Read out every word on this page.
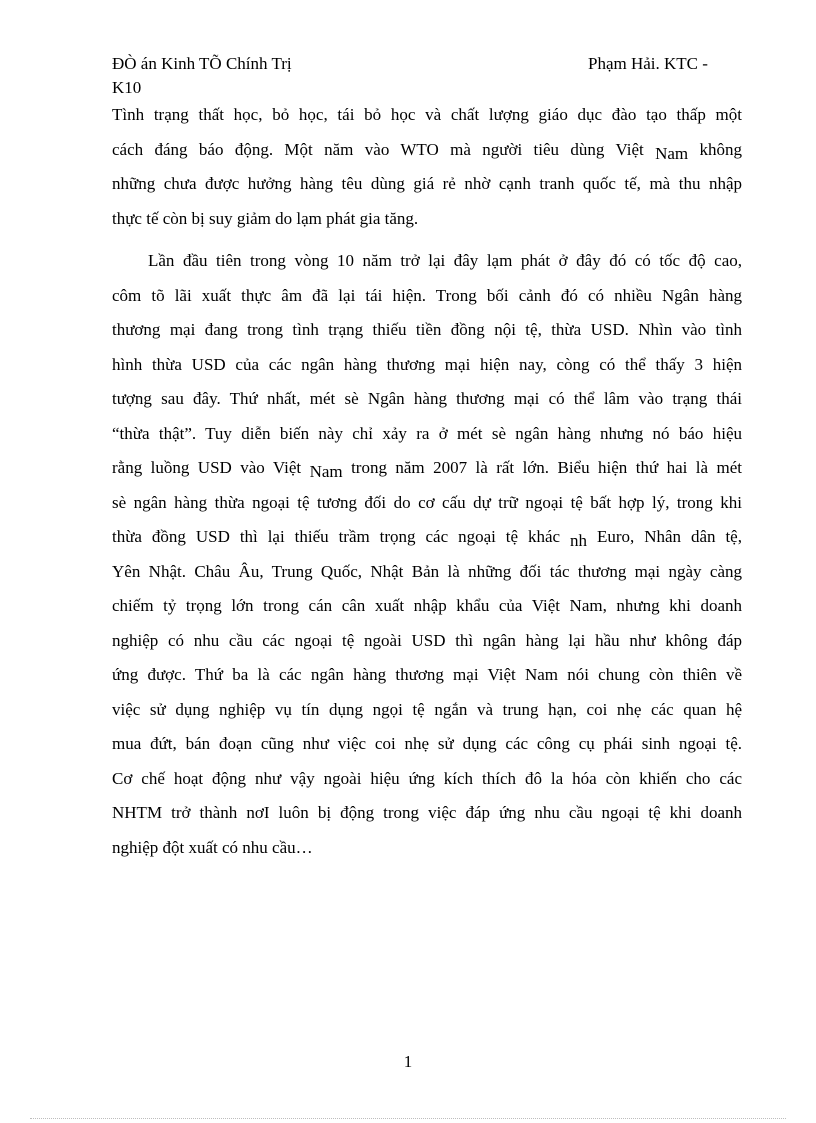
ĐÒ án Kinh TÕ Chính Trị	Phạm Hải. KTC -
K10
Tình trạng thất học, bỏ học, tái bỏ học và chất lượng giáo dục đào tạo thấp một
cách đáng báo động. Một năm vào WTO mà người tiêu dùng Việt Nam không
những chưa được hưởng hàng têu dùng giá rẻ nhờ cạnh tranh quốc tế, mà thu nhập
thực tế còn bị suy giảm do lạm phát gia tăng.
Lần đầu tiên trong vòng 10 năm trở lại đây lạm phát ở đây đó có tốc độ cao,
côm tõ lãi xuất thực âm đã lại tái hiện. Trong bối cảnh đó có nhiều Ngân hàng
thương mại đang trong tình trạng thiếu tiền đồng nội tệ, thừa USD. Nhìn vào tình
hình thừa USD của các ngân hàng thương mại hiện nay, còng có thể thấy 3 hiện
tượng sau đây. Thứ nhất, mét sè Ngân hàng thương mại có thể lâm vào trạng thái
“thừa thật”. Tuy diễn biến này chỉ xảy ra ở mét sè ngân hàng nhưng nó báo hiệu
rằng luồng USD vào Việt Nam trong năm 2007 là rất lớn. Biểu hiện thứ hai là mét
sè ngân hàng thừa ngoại tệ tương đối do cơ cấu dự trữ ngoại tệ bất hợp lý, trong khi
thừa đồng USD thì lại thiếu trầm trọng các ngoại tệ khác nh Euro, Nhân dân tệ,
Yên Nhật. Châu Âu, Trung Quốc, Nhật Bản là những đối tác thương mại ngày càng
chiếm tỷ trọng lớn trong cán cân xuất nhập khẩu của Việt Nam, nhưng khi doanh
nghiệp có nhu cầu các ngoại tệ ngoài USD thì ngân hàng lại hầu như không đáp
ứng được. Thứ ba là các ngân hàng thương mại Việt Nam nói chung còn thiên về
việc sử dụng nghiệp vụ tín dụng ngọi tệ ngắn và trung hạn, coi nhẹ các quan hệ
mua đứt, bán đoạn cũng như việc coi nhẹ sử dụng các công cụ phái sinh ngoại tệ.
Cơ chế hoạt động như vậy ngoài hiệu ứng kích thích đô la hóa còn khiến cho các
NHTM trở thành nơI luôn bị động trong việc đáp ứng nhu cầu ngoại tệ khi doanh
nghiệp đột xuất có nhu cầu…
1
